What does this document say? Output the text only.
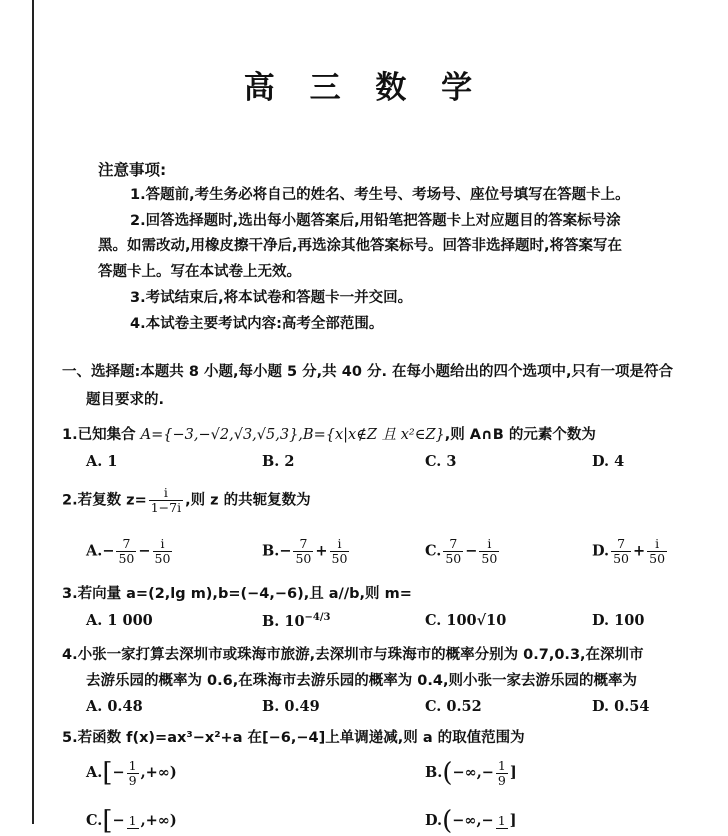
高 三 数 学
注意事项:
1.答题前,考生务必将自己的姓名、考生号、考场号、座位号填写在答题卡上。
2.回答选择题时,选出每小题答案后,用铅笔把答题卡上对应题目的答案标号涂
黑。如需改动,用橡皮擦干净后,再选涂其他答案标号。回答非选择题时,将答案写在
答题卡上。写在本试卷上无效。
3.考试结束后,将本试卷和答题卡一并交回。
4.本试卷主要考试内容:高考全部范围。
一、选择题:本题共 8 小题,每小题 5 分,共 40 分. 在每小题给出的四个选项中,只有一项是符合
题目要求的.
1.已知集合 A={−3,−√2,√3,√5,3},B={x|x∉Z 且 x²∈Z},则 A∩B 的元素个数为
A. 1	B. 2	C. 3	D. 4
2.若复数 $z= \frac{i}{1-7i}$ ,则 z 的共轭复数为
$A.- \frac{7}{50} - \frac{i}{50}$	$B.- \frac{7}{50} + \frac{i}{50}$	C. $\frac{7}{50} - \frac{i}{50}$	D. $\frac{7}{50} + \frac{i}{50}$
3.若向量 a=(2,lg m),b=(−4,−6),且 a//b,则 m=
A. 1 000	B. $10^{-4/3}$	C. 100√10	D. 100
4.小张一家打算去深圳市或珠海市旅游,去深圳市与珠海市的概率分别为 0.7,0.3,在深圳市
去游乐园的概率为 0.6,在珠海市去游乐园的概率为 0.4,则小张一家去游乐园的概率为
A. 0.48	B. 0.49	C. 0.52	D. 0.54
5.若函数 f(x)=ax³−x²+a 在[−6,−4]上单调递减,则 a 的取值范围为
$A.[- \frac{1}{9}$ ,+∞)	$B.(-\infty,- \frac{1}{9}$ ]
C.[− 1 ,+∞)	D.(−∞,− 1 ]
